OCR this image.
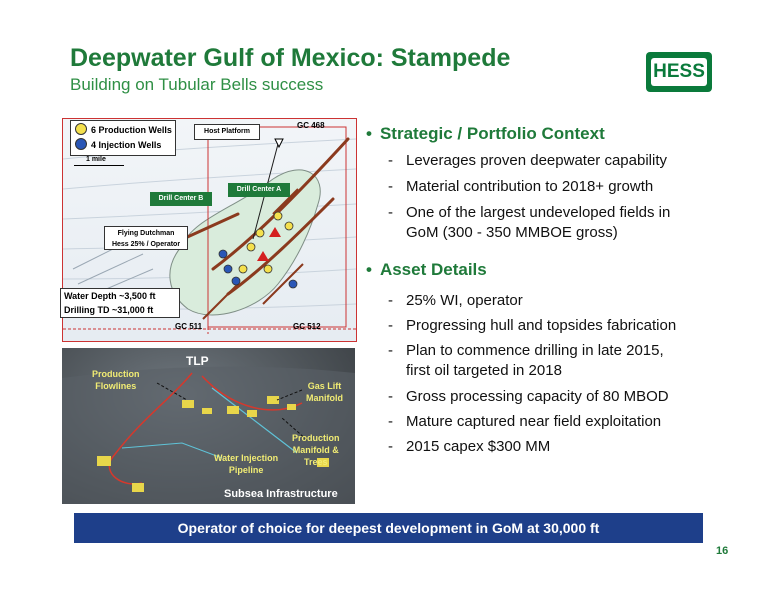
Deepwater Gulf of Mexico: Stampede
Building on Tubular Bells success
HESS
6 Production Wells
4 Injection Wells
1 mile
Host Platform
GC 468
Drill Center A
Drill Center B
Flying Dutchman
Hess 25% / Operator
Water Depth ~3,500 ft
Drilling TD ~31,000 ft
GC 511	GC 512
TLP
Production
Flowlines	Gas Lift
Manifold
Production
Manifold &
Trees
Water Injection
Pipeline
Subsea Infrastructure
• Strategic / Portfolio Context
- Leverages proven deepwater capability
- Material contribution to 2018+ growth
- One of the largest undeveloped fields in
GoM (300 - 350 MMBOE gross)
• Asset Details
- 25% WI, operator
- Progressing hull and topsides fabrication
- Plan to commence drilling in late 2015,
first oil targeted in 2018
- Gross processing capacity of 80 MBOD
- Mature captured near field exploitation
- 2015 capex $300 MM
Operator of choice for deepest development in GoM at 30,000 ft
16
